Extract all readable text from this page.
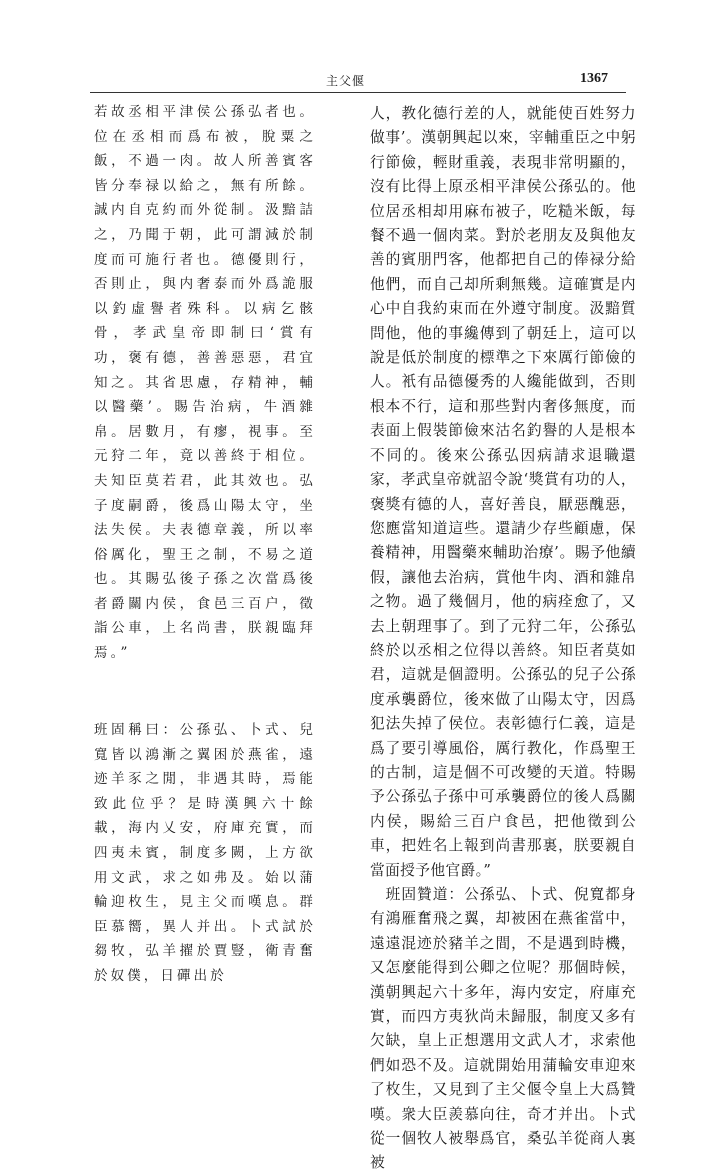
主父偃	1367

若故丞相平津侯公孫弘者也。位在丞相而爲布被，脫粟之飯，不過一肉。故人所善賓客皆分奉禄以給之，無有所餘。誠内自克約而外從制。汲黯詰之，乃聞于朝，此可謂減於制度而可施行者也。德優則行，否則止，與内奢泰而外爲詭服以釣虛譽者殊科。以病乞骸骨，孝武皇帝即制曰‘賞有功，褒有德，善善惡惡，君宜知之。其省思慮，存精神，輔以醫藥’。賜告治病，牛酒雜帛。居數月，有瘳，視事。至元狩二年，竟以善終于相位。夫知臣莫若君，此其效也。弘子度嗣爵，後爲山陽太守，坐法失侯。夫表德章義，所以率俗厲化，聖王之制，不易之道也。其賜弘後子孫之次當爲後者爵關内侯，食邑三百户，徵詣公車，上名尚書，朕親臨拜焉。”

班固稱曰：公孫弘、卜式、兒寬皆以鴻漸之翼困於燕雀，遠迹羊豕之閒，非遇其時，焉能致此位乎？是時漢興六十餘載，海内乂安，府庫充實，而四夷未賓，制度多闕，上方欲用文武，求之如弗及。始以蒲輪迎枚生，見主父而嘆息。群臣慕嚮，異人并出。卜式試於芻牧，弘羊擢於賈豎，衛青奮於奴僕，日磾出於

人，教化德行差的人，就能使百姓努力做事’。漢朝興起以來，宰輔重臣之中躬行節儉，輕財重義，表現非常明顯的，沒有比得上原丞相平津侯公孫弘的。他位居丞相却用麻布被子，吃糙米飯，每餐不過一個肉菜。對於老朋友及與他友善的賓朋門客，他都把自己的俸禄分給他們，而自己却所剩無幾。這確實是内心中自我約束而在外遵守制度。汲黯質問他，他的事纔傳到了朝廷上，這可以說是低於制度的標準之下來厲行節儉的人。衹有品德優秀的人纔能做到，否則根本不行，這和那些對内奢侈無度，而表面上假裝節儉來沽名釣譽的人是根本不同的。後來公孫弘因病請求退職還家，孝武皇帝就詔令說‘獎賞有功的人，褒獎有德的人，喜好善良，厭惡醜惡，您應當知道這些。還請少存些顧慮，保養精神，用醫藥來輔助治療’。賜予他續假，讓他去治病，賞他牛肉、酒和雜帛之物。過了幾個月，他的病痊愈了，又去上朝理事了。到了元狩二年，公孫弘終於以丞相之位得以善終。知臣者莫如君，這就是個證明。公孫弘的兒子公孫度承襲爵位，後來做了山陽太守，因爲犯法失掉了侯位。表彰德行仁義，這是爲了要引導風俗，厲行教化，作爲聖王的古制，這是個不可改變的天道。特賜予公孫弘子孫中可承襲爵位的後人爲關内侯，賜給三百户食邑，把他徵到公車，把姓名上報到尚書那裏，朕要親自當面授予他官爵。”
　班固贊道：公孫弘、卜式、倪寬都身有鴻雁奮飛之翼，却被困在燕雀當中，遠遠混迹於豬羊之間，不是遇到時機，又怎麼能得到公卿之位呢？那個時候，漢朝興起六十多年，海内安定，府庫充實，而四方夷狄尚未歸服，制度又多有欠缺，皇上正想選用文武人才，求索他們如恐不及。這就開始用蒲輪安車迎來了枚生，又見到了主父偃令皇上大爲贊嘆。衆大臣羨慕向往，奇才并出。卜式從一個牧人被舉爲官，桑弘羊從商人裏被
